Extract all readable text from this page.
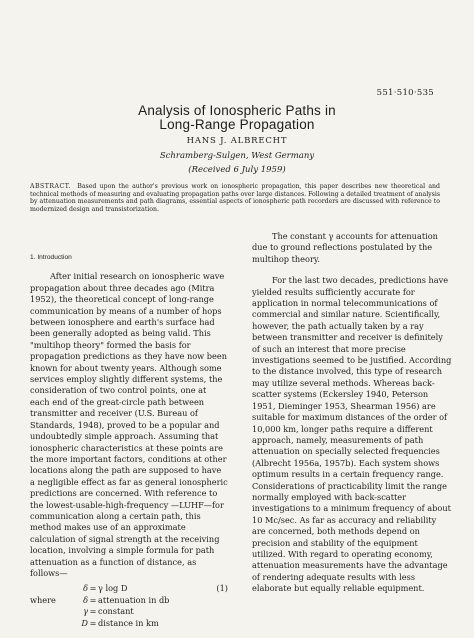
551·510·535
Analysis of Ionospheric Paths in
Long-Range Propagation
HANS J. ALBRECHT
Schramberg-Sulgen, West Germany
(Received 6 July 1959)
ABSTRACT. Based upon the author's previous work on ionospheric propagation, this paper describes new theoretical and technical methods of measuring and evaluating propagation paths over large distances. Following a detailed treatment of analysis by attenuation measurements and path diagrams, essential aspects of ionospheric path recorders are discussed with reference to modernized design and transistorization.
1. Introduction

After initial research on ionospheric wave propagation about three decades ago (Mitra 1952), the theoretical concept of long-range communication by means of a number of hops between ionosphere and earth's surface had been generally adopted as being valid. This "multihop theory" formed the basis for propagation predictions as they have now been known for about twenty years. Although some services employ slightly different systems, the consideration of two control points, one at each end of the great-circle path between transmitter and receiver (U.S. Bureau of Standards, 1948), proved to be a popular and undoubtedly simple approach. Assuming that ionospheric characteristics at these points are the more important factors, conditions at other locations along the path are supposed to have a negligible effect as far as general ionospheric predictions are concerned. With reference to the lowest-usable-high-frequency —LUHF—for communication along a certain path, this method makes use of an approximate calculation of signal strength at the receiving location, involving a simple formula for path attenuation as a function of distance, as follows—

δ = γ log D	(1)
where	δ = attenuation in db
γ = constant
D = distance in km

The constant γ accounts for attenuation due to ground reflections postulated by the multihop theory.

For the last two decades, predictions have yielded results sufficiently accurate for application in normal telecommunications of commercial and similar nature. Scientifically, however, the path actually taken by a ray between transmitter and receiver is definitely of such an interest that more precise investigations seemed to be justified. According to the distance involved, this type of research may utilize several methods. Whereas back-scatter systems (Eckersley 1940, Peterson 1951, Dieminger 1953, Shearman 1956) are suitable for maximum distances of the order of 10,000 km, longer paths require a different approach, namely, measurements of path attenuation on specially selected frequencies (Albrecht 1956a, 1957b). Each system shows optimum results in a certain frequency range. Considerations of practicability limit the range normally employed with back-scatter investigations to a minimum frequency of about 10 Mc/sec. As far as accuracy and reliability are concerned, both methods depend on precision and stability of the equipment utilized. With regard to operating economy, attenuation measurements have the advantage of rendering adequate results with less elaborate but equally reliable equipment.
